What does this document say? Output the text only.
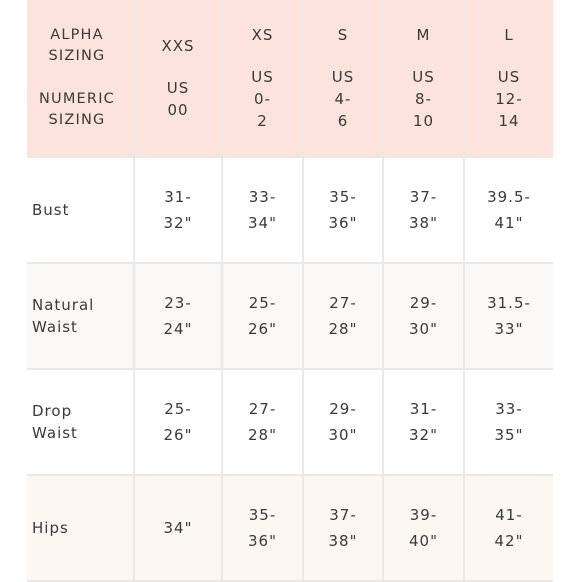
ALPHA
SIZING
NUMERIC
SIZING	XXS
US
00	XS
US
0-
2	S
US
4-
6	M
US
8-
10	L
US
12-
14

Bust	31-
32"	33-
34"	35-
36"	37-
38"	39.5-
41"

Natural
Waist	23-
24"	25-
26"	27-
28"	29-
30"	31.5-
33"

Drop
Waist	25-
26"	27-
28"	29-
30"	31-
32"	33-
35"

Hips	34"	35-
36"	37-
38"	39-
40"	41-
42"
